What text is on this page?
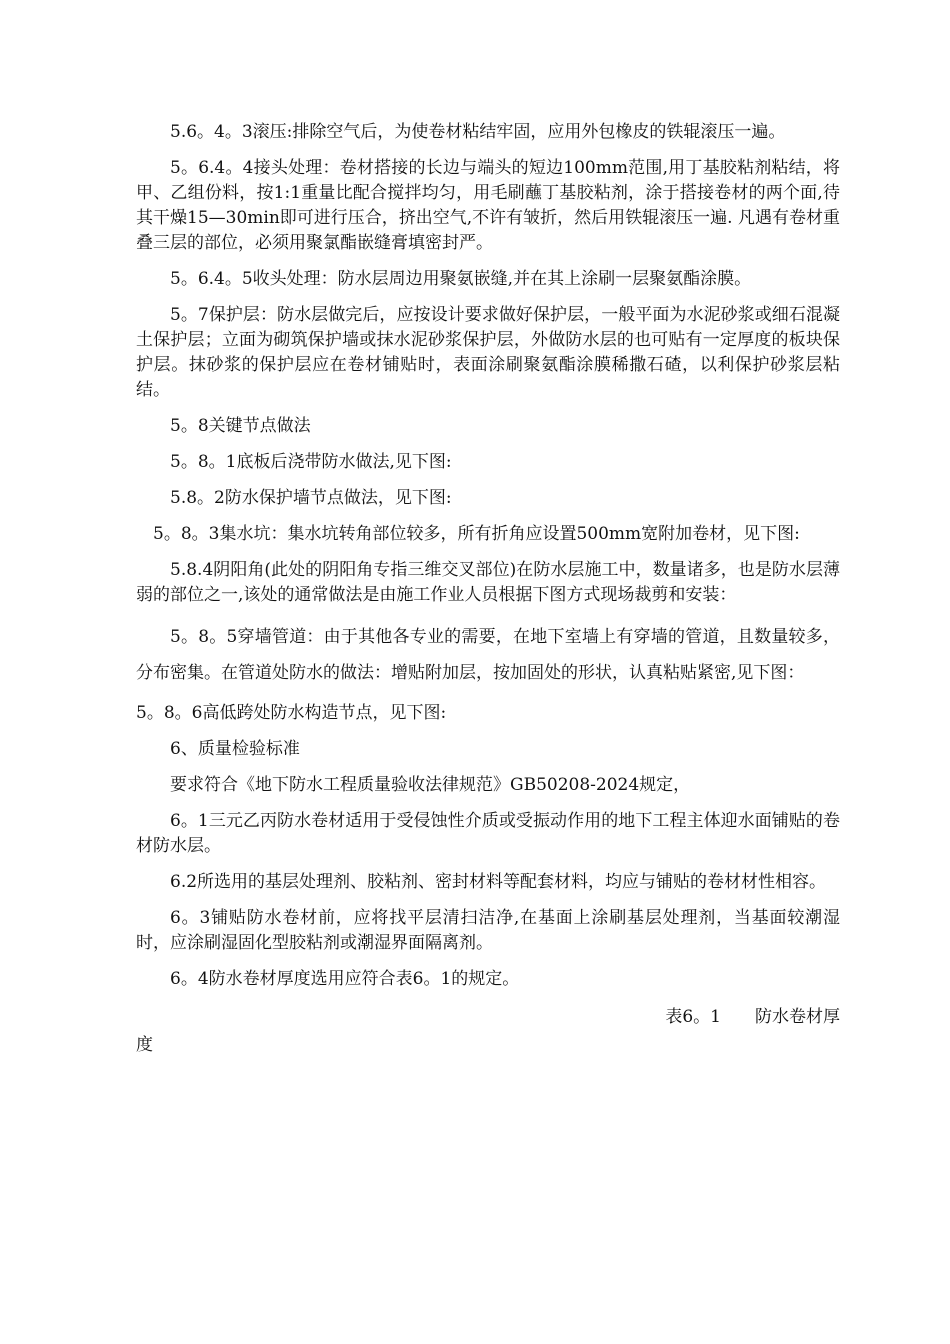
5.6。4。3滚压:排除空气后，为使卷材粘结牢固，应用外包橡皮的铁辊滚压一遍。

5。6.4。4接头处理：卷材搭接的长边与端头的短边100mm范围,用丁基胶粘剂粘结，将甲、乙组份料，按1:1重量比配合搅拌均匀，用毛刷蘸丁基胶粘剂，涂于搭接卷材的两个面,待其干燥15—30min即可进行压合，挤出空气,不许有皱折，然后用铁辊滚压一遍. 凡遇有卷材重叠三层的部位，必须用聚氯酯嵌缝膏填密封严。

5。6.4。5收头处理：防水层周边用聚氨嵌缝,并在其上涂刷一层聚氨酯涂膜。

5。7保护层：防水层做完后，应按设计要求做好保护层，一般平面为水泥砂浆或细石混凝土保护层；立面为砌筑保护墙或抹水泥砂浆保护层，外做防水层的也可贴有一定厚度的板块保护层。抹砂浆的保护层应在卷材铺贴时，表面涂刷聚氨酯涂膜稀撒石碴，以利保护砂浆层粘结。

5。8关键节点做法

5。8。1底板后浇带防水做法,见下图:

5.8。2防水保护墙节点做法，见下图:

5。8。3集水坑：集水坑转角部位较多，所有折角应设置500mm宽附加卷材，见下图:

5.8.4阴阳角(此处的阴阳角专指三维交叉部位)在防水层施工中，数量诸多，也是防水层薄弱的部位之一,该处的通常做法是由施工作业人员根据下图方式现场裁剪和安装：

5。8。5穿墙管道：由于其他各专业的需要，在地下室墙上有穿墙的管道，且数量较多，分布密集。在管道处防水的做法：增贴附加层，按加固处的形状，认真粘贴紧密,见下图：

5。8。6高低跨处防水构造节点，见下图:

6、质量检验标准

要求符合《地下防水工程质量验收法律规范》GB50208-2024规定，

6。1三元乙丙防水卷材适用于受侵蚀性介质或受振动作用的地下工程主体迎水面铺贴的卷材防水层。

6.2所选用的基层处理剂、胶粘剂、密封材料等配套材料，均应与铺贴的卷材材性相容。

6。3铺贴防水卷材前，应将找平层清扫洁净,在基面上涂刷基层处理剂，当基面较潮湿时，应涂刷湿固化型胶粘剂或潮湿界面隔离剂。

6。4防水卷材厚度选用应符合表6。1的规定。

表6。1　　防水卷材厚

度
